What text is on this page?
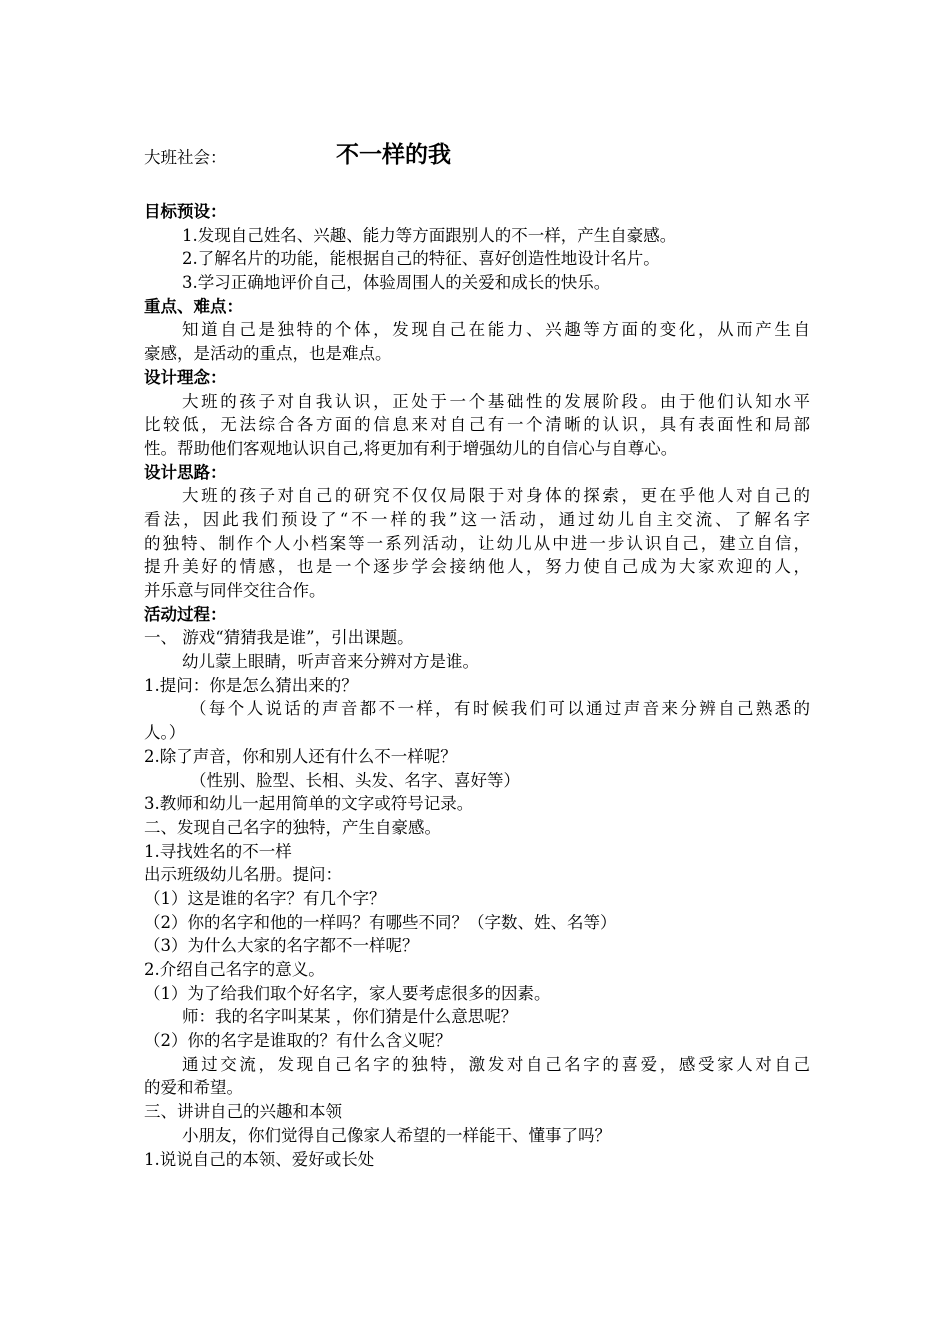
大班社会：	不一样的我
目标预设：
1.发现自己姓名、兴趣、能力等方面跟别人的不一样，产生自豪感。
2.了解名片的功能，能根据自己的特征、喜好创造性地设计名片。
3.学习正确地评价自己，体验周围人的关爱和成长的快乐。
重点、难点：
知道自己是独特的个体，发现自己在能力、兴趣等方面的变化，从而产生自
豪感，是活动的重点，也是难点。
设计理念：
大班的孩子对自我认识，正处于一个基础性的发展阶段。由于他们认知水平
比较低，无法综合各方面的信息来对自己有一个清晰的认识，具有表面性和局部
性。帮助他们客观地认识自己,将更加有利于增强幼儿的自信心与自尊心。
设计思路：
大班的孩子对自己的研究不仅仅局限于对身体的探索，更在乎他人对自己的
看法，因此我们预设了“不一样的我”这一活动，通过幼儿自主交流、了解名字
的独特、制作个人小档案等一系列活动，让幼儿从中进一步认识自己，建立自信，
提升美好的情感，也是一个逐步学会接纳他人，努力使自己成为大家欢迎的人，
并乐意与同伴交往合作。
活动过程：
一、 游戏“猜猜我是谁”，引出课题。
幼儿蒙上眼睛，听声音来分辨对方是谁。
1.提问：你是怎么猜出来的？
（每个人说话的声音都不一样，有时候我们可以通过声音来分辨自己熟悉的
人。）
2.除了声音，你和别人还有什么不一样呢？
（性别、脸型、长相、头发、名字、喜好等）
3.教师和幼儿一起用简单的文字或符号记录。
二、发现自己名字的独特，产生自豪感。
1.寻找姓名的不一样
出示班级幼儿名册。提问：
（1）这是谁的名字？有几个字？
（2）你的名字和他的一样吗？有哪些不同？（字数、姓、名等）
（3）为什么大家的名字都不一样呢？
2.介绍自己名字的意义。
（1）为了给我们取个好名字，家人要考虑很多的因素。
师：我的名字叫某某 ，你们猜是什么意思呢？
（2）你的名字是谁取的？有什么含义呢？
通过交流，发现自己名字的独特，激发对自己名字的喜爱，感受家人对自己
的爱和希望。
三、讲讲自己的兴趣和本领
小朋友，你们觉得自己像家人希望的一样能干、懂事了吗？
1.说说自己的本领、爱好或长处
